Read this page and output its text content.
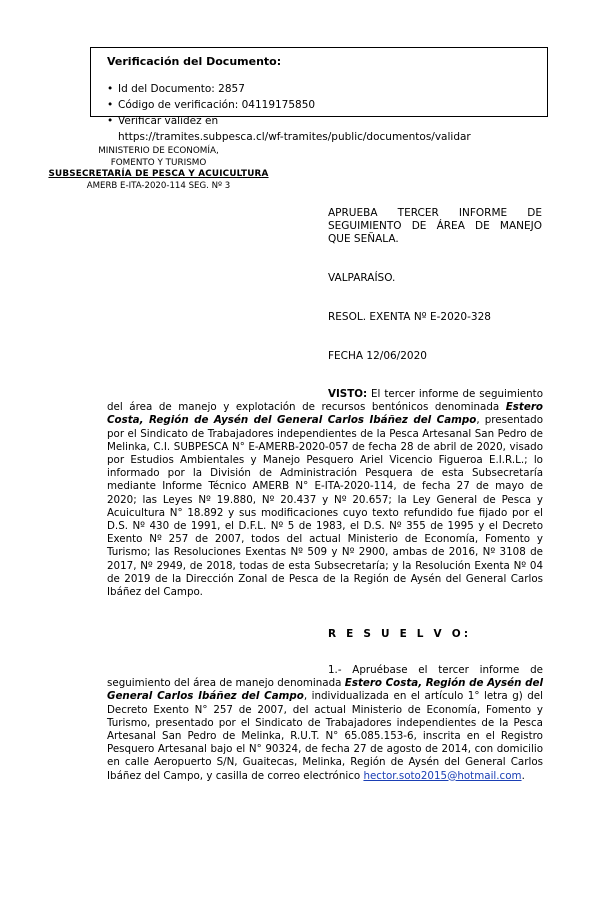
Verificación del Documento:
• Id del Documento: 2857
• Código de verificación: 04119175850
• Verificar validez en
https://tramites.subpesca.cl/wf-tramites/public/documentos/validar
MINISTERIO DE ECONOMÍA,
FOMENTO Y TURISMO
SUBSECRETARÍA DE PESCA Y ACUICULTURA
AMERB E-ITA-2020-114 SEG. Nº 3
APRUEBA TERCER INFORME DE
SEGUIMIENTO DE ÁREA DE MANEJO
QUE SEÑALA.
VALPARAÍSO.
RESOL. EXENTA Nº E-2020-328
FECHA 12/06/2020
VISTO: El tercer informe de seguimiento del área de manejo y explotación de recursos bentónicos denominada Estero Costa, Región de Aysén del General Carlos Ibáñez del Campo, presentado por el Sindicato de Trabajadores independientes de la Pesca Artesanal San Pedro de Melinka, C.I. SUBPESCA N° E-AMERB-2020-057 de fecha 28 de abril de 2020, visado por Estudios Ambientales y Manejo Pesquero Ariel Vicencio Figueroa E.I.R.L.; lo informado por la División de Administración Pesquera de esta Subsecretaría mediante Informe Técnico AMERB N° E-ITA-2020-114, de fecha 27 de mayo de 2020; las Leyes Nº 19.880, Nº 20.437 y Nº 20.657; la Ley General de Pesca y Acuicultura N° 18.892 y sus modificaciones cuyo texto refundido fue fijado por el D.S. Nº 430 de 1991, el D.F.L. Nº 5 de 1983, el D.S. Nº 355 de 1995 y el Decreto Exento Nº 257 de 2007, todos del actual Ministerio de Economía, Fomento y Turismo; las Resoluciones Exentas Nº 509 y Nº 2900, ambas de 2016, Nº 3108 de 2017, Nº 2949, de 2018, todas de esta Subsecretaría; y la Resolución Exenta Nº 04 de 2019 de la Dirección Zonal de Pesca de la Región de Aysén del General Carlos Ibáñez del Campo.
R E S U E L V O:
1.- Apruébase el tercer informe de seguimiento del área de manejo denominada Estero Costa, Región de Aysén del General Carlos Ibáñez del Campo, individualizada en el artículo 1° letra g) del Decreto Exento N° 257 de 2007, del actual Ministerio de Economía, Fomento y Turismo, presentado por el Sindicato de Trabajadores independientes de la Pesca Artesanal San Pedro de Melinka, R.U.T. N° 65.085.153-6, inscrita en el Registro Pesquero Artesanal bajo el N° 90324, de fecha 27 de agosto de 2014, con domicilio en calle Aeropuerto S/N, Guaitecas, Melinka, Región de Aysén del General Carlos Ibáñez del Campo, y casilla de correo electrónico hector.soto2015@hotmail.com.
